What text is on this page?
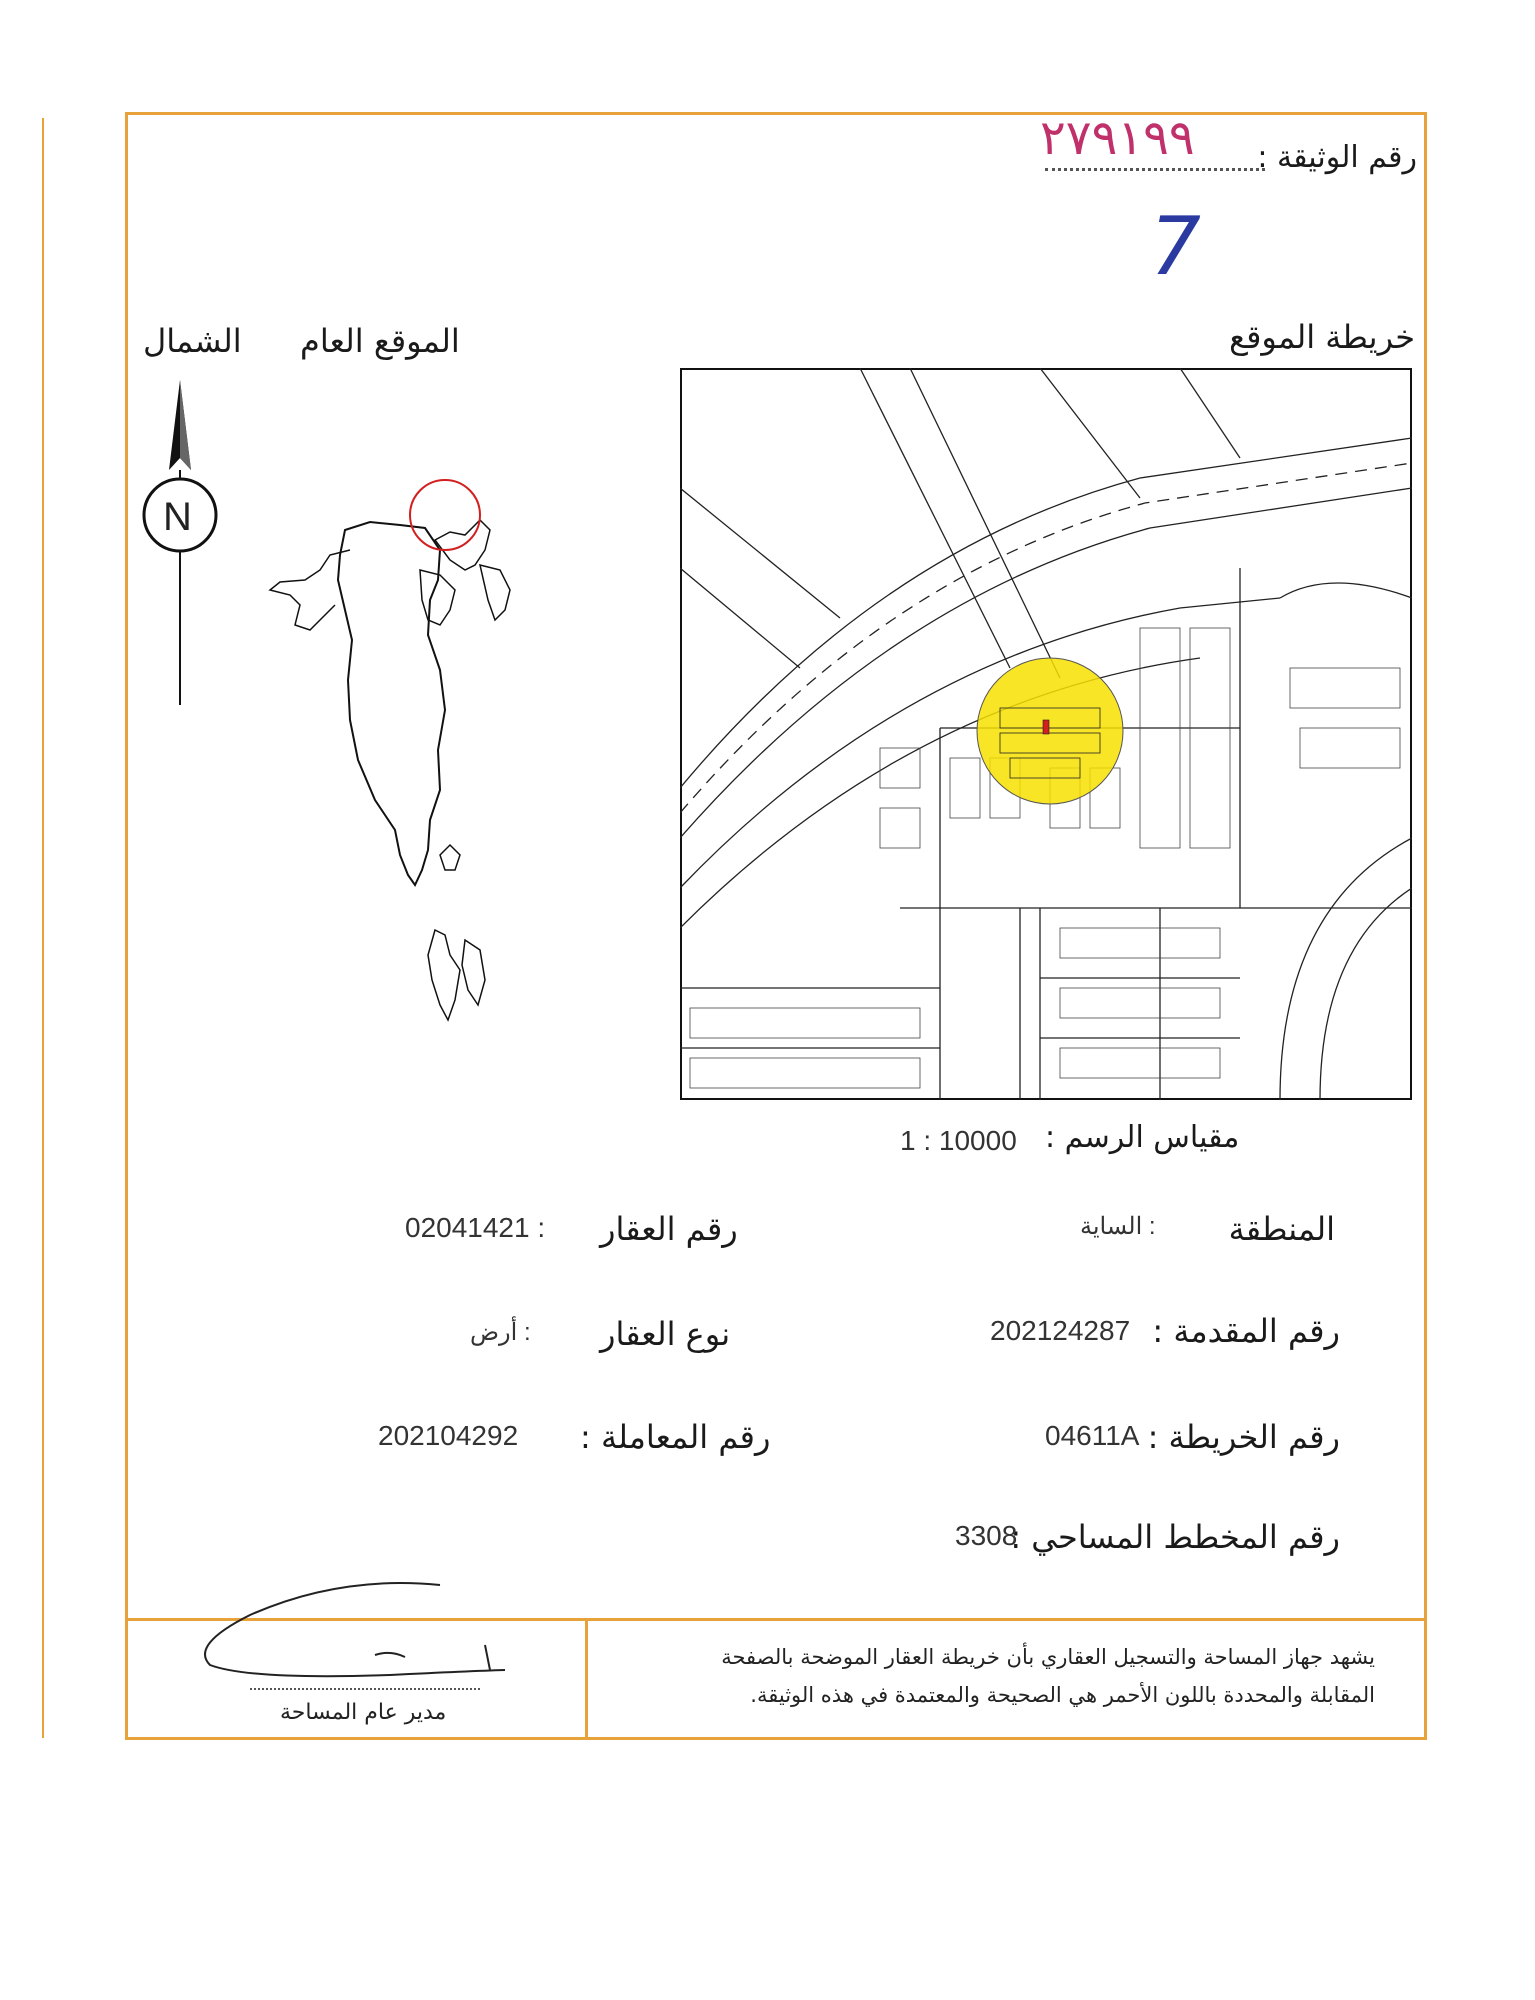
رقم الوثيقة :
٢٧٩١٩٩
7
خريطة الموقع
الموقع العام
الشمال
N
مقياس الرسم :
1 : 10000
المنطقة
: الساية
رقم العقار
: 02041421
رقم المقدمة :
202124287
نوع العقار
: أرض
رقم الخريطة :
04611A
رقم المعاملة :
202104292
رقم المخطط المساحي :
3308
يشهد جهاز المساحة والتسجيل العقاري بأن خريطة العقار الموضحة بالصفحة
المقابلة والمحددة باللون الأحمر هي الصحيحة والمعتمدة في هذه الوثيقة.
مدير عام المساحة
